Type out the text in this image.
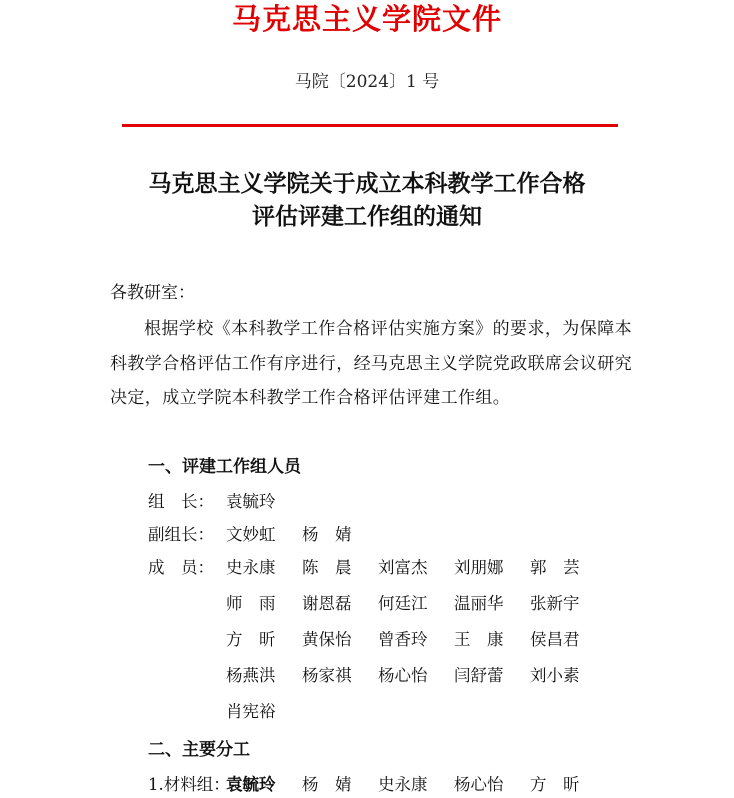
马克思主义学院文件
马院〔2024〕1 号
马克思主义学院关于成立本科教学工作合格
评估评建工作组的通知
各教研室：
根据学校《本科教学工作合格评估实施方案》的要求，为保障本科教学合格评估工作有序进行，经马克思主义学院党政联席会议研究决定，成立学院本科教学工作合格评估评建工作组。
一、评建工作组人员
组　长： 袁毓玲
副组长： 文妙虹 杨　婧
成　员： 史永康 陈　晨 刘富杰 刘朋娜 郭　芸
师　雨 谢恩磊 何廷江 温丽华 张新宇
方　昕 黄保怡 曾香玲 王　康 侯昌君
杨燕洪 杨家祺 杨心怡 闫舒蕾 刘小素
肖宪裕
二、主要分工
1.材料组：袁毓玲 杨　婧 史永康 杨心怡 方　昕
